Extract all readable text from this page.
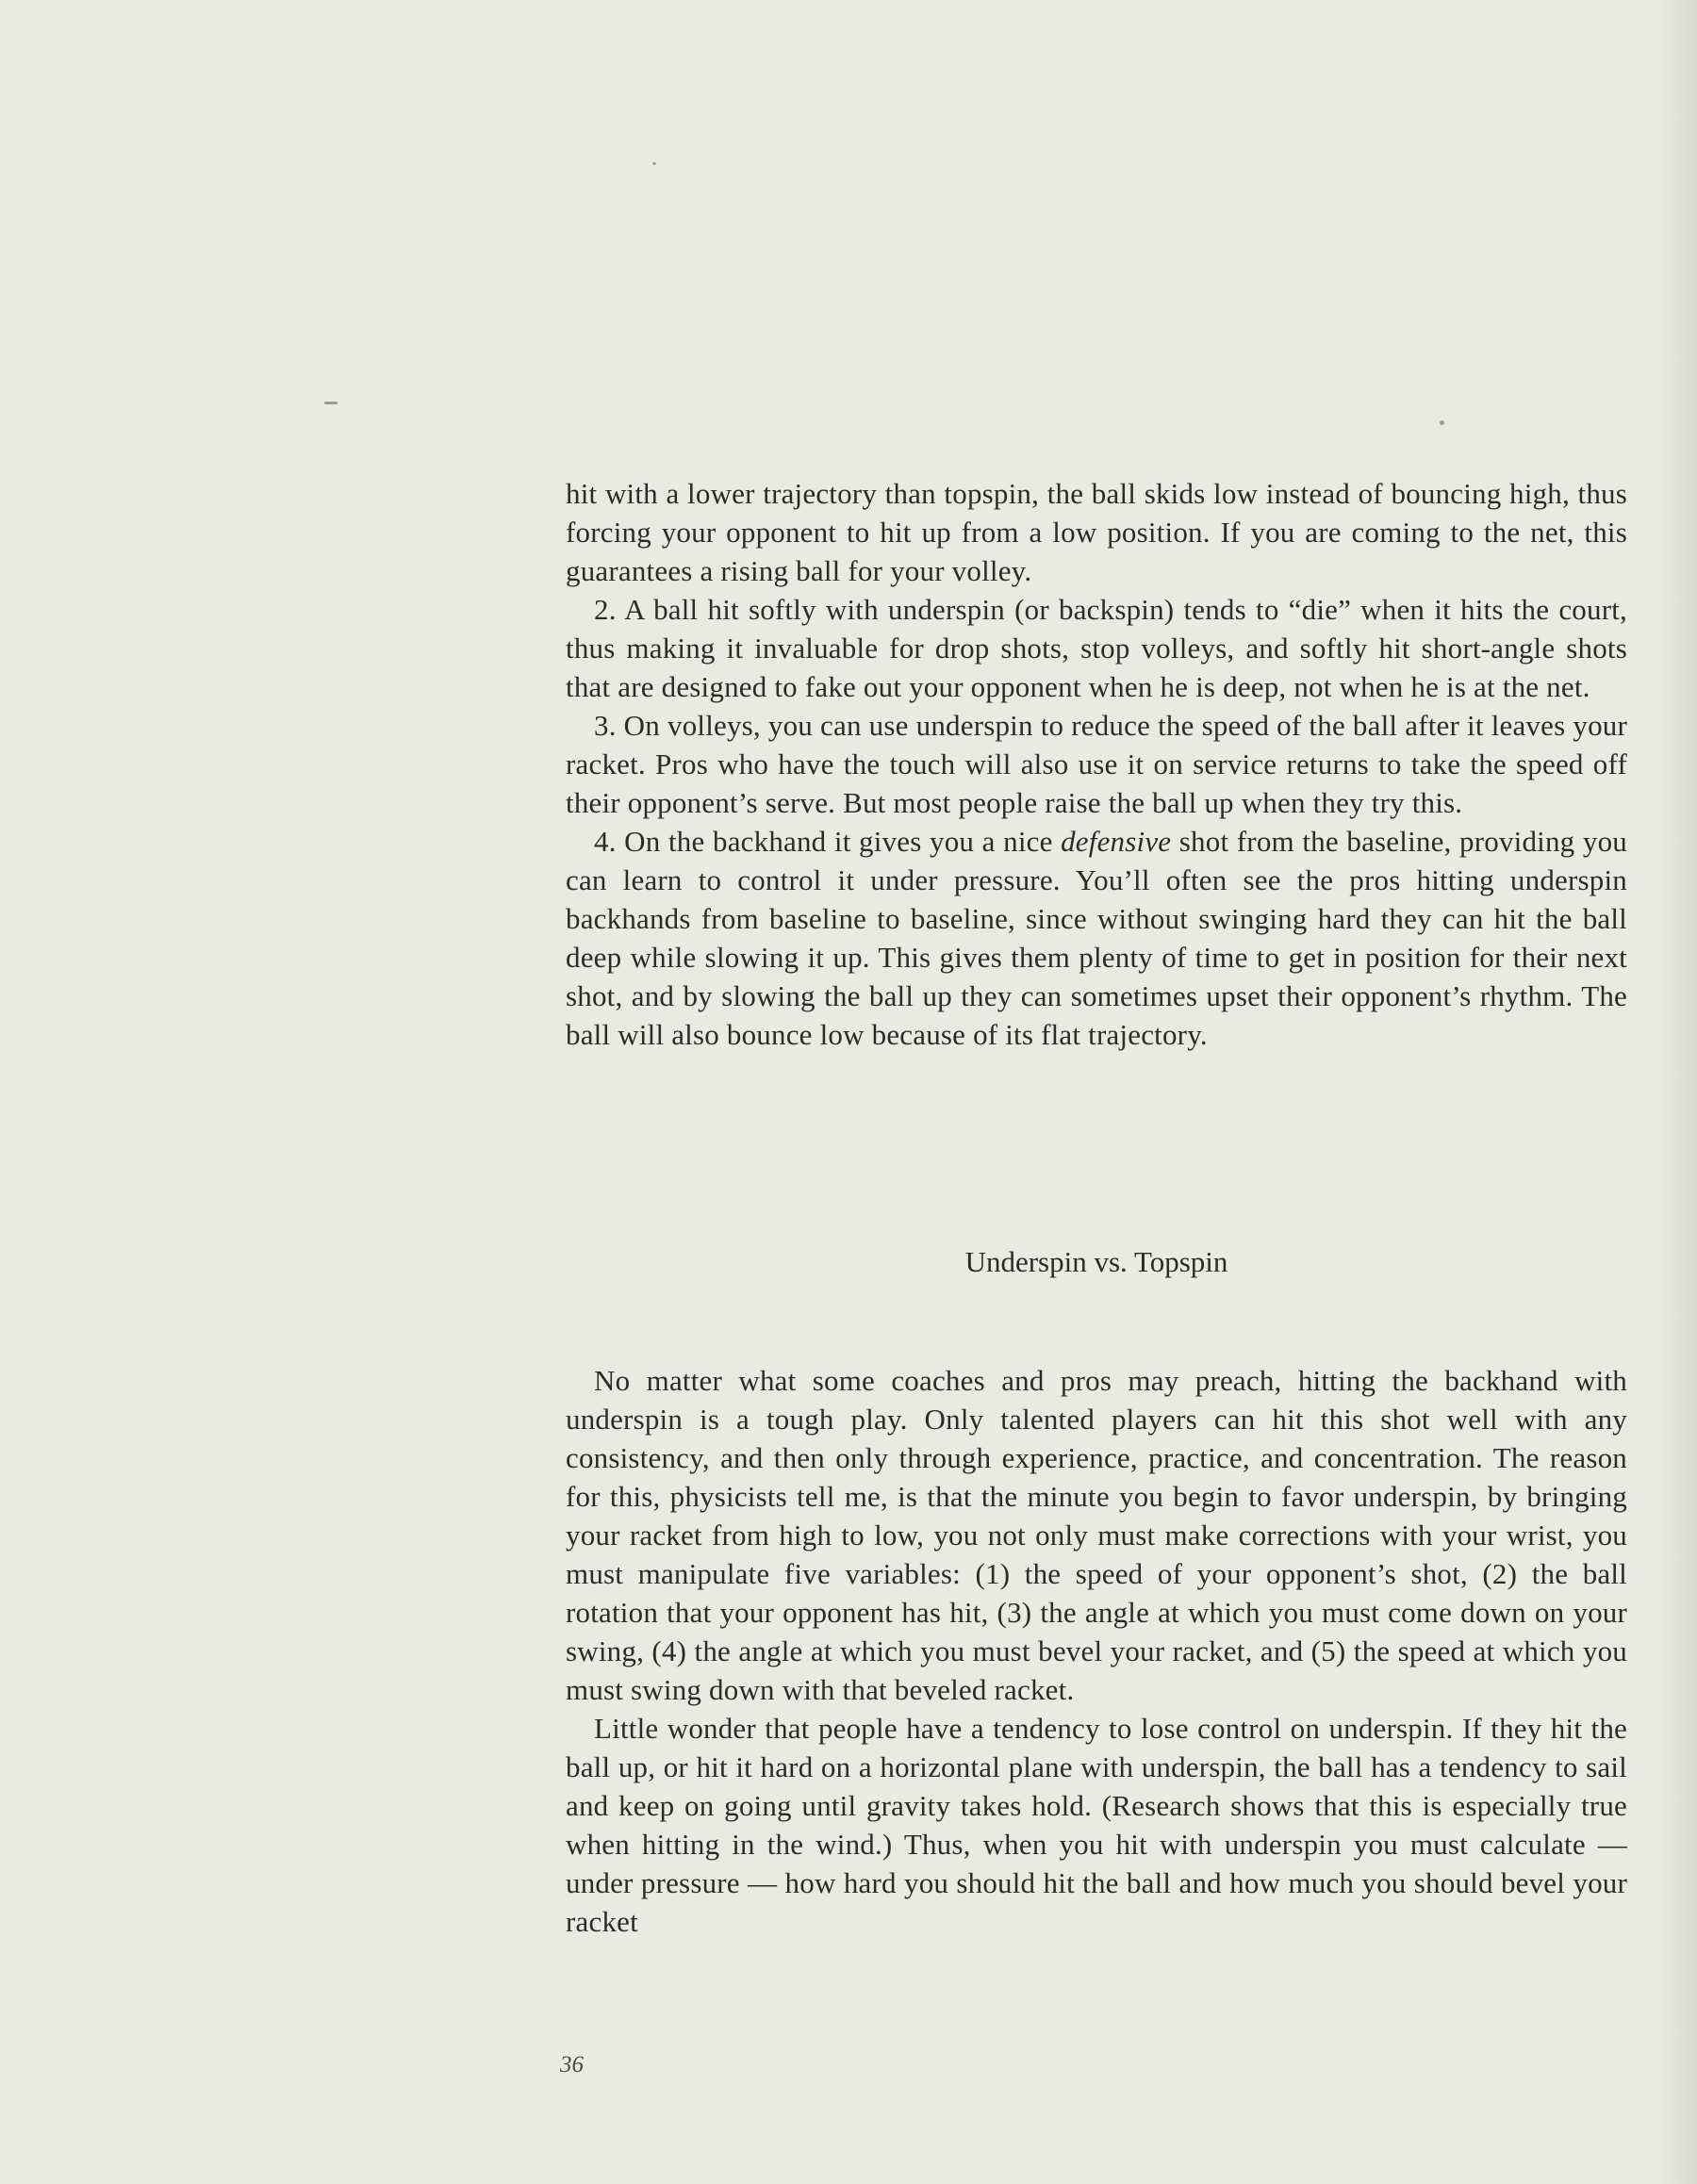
hit with a lower trajectory than topspin, the ball skids low instead of bouncing high, thus forcing your opponent to hit up from a low position. If you are coming to the net, this guarantees a rising ball for your volley.

2. A ball hit softly with underspin (or backspin) tends to “die” when it hits the court, thus making it invaluable for drop shots, stop volleys, and softly hit short-angle shots that are designed to fake out your opponent when he is deep, not when he is at the net.

3. On volleys, you can use underspin to reduce the speed of the ball after it leaves your racket. Pros who have the touch will also use it on service returns to take the speed off their opponent’s serve. But most people raise the ball up when they try this.

4. On the backhand it gives you a nice defensive shot from the baseline, providing you can learn to control it under pressure. You’ll often see the pros hitting underspin backhands from baseline to baseline, since without swinging hard they can hit the ball deep while slowing it up. This gives them plenty of time to get in position for their next shot, and by slowing the ball up they can sometimes upset their opponent’s rhythm. The ball will also bounce low because of its flat trajectory.

Underspin vs. Topspin

No matter what some coaches and pros may preach, hitting the backhand with underspin is a tough play. Only talented players can hit this shot well with any consistency, and then only through experience, practice, and concentration. The reason for this, physicists tell me, is that the minute you begin to favor underspin, by bringing your racket from high to low, you not only must make corrections with your wrist, you must manipulate five variables: (1) the speed of your opponent’s shot, (2) the ball rotation that your opponent has hit, (3) the angle at which you must come down on your swing, (4) the angle at which you must bevel your racket, and (5) the speed at which you must swing down with that beveled racket.

Little wonder that people have a tendency to lose control on underspin. If they hit the ball up, or hit it hard on a horizontal plane with underspin, the ball has a tendency to sail and keep on going until gravity takes hold. (Research shows that this is especially true when hitting in the wind.) Thus, when you hit with underspin you must calculate — under pressure — how hard you should hit the ball and how much you should bevel your racket

36
